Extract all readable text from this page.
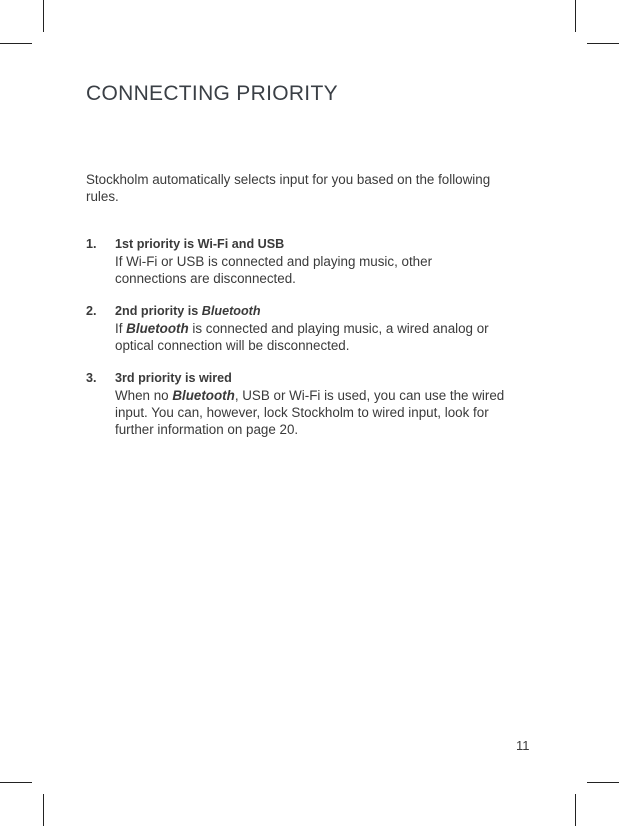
CONNECTING PRIORITY

Stockholm automatically selects input for you based on the following rules.

1. 1st priority is Wi-Fi and USB
If Wi-Fi or USB is connected and playing music, other connections are disconnected.
2. 2nd priority is Bluetooth
If Bluetooth is connected and playing music, a wired analog or optical connection will be disconnected.
3. 3rd priority is wired
When no Bluetooth, USB or Wi-Fi is used, you can use the wired input. You can, however, lock Stockholm to wired input, look for further information on page 20.
11
